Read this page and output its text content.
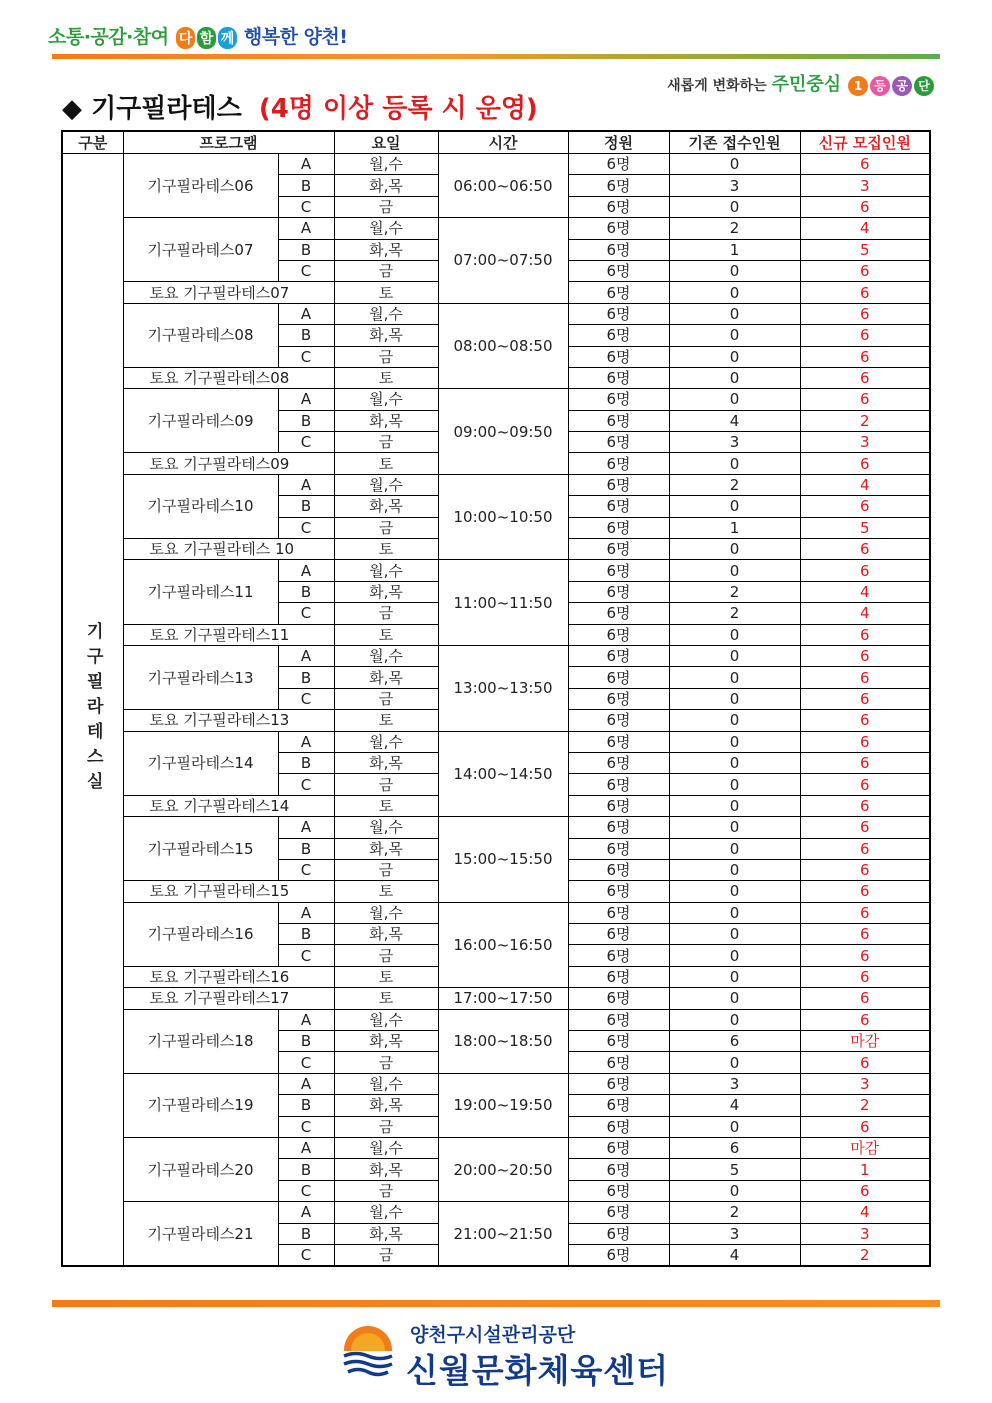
소통·공감·참여 다 함 께 행복한 양천!
새롭게 변화하는 주민중심 1 등 공 단
◆ 기구필라테스 (4명 이상 등록 시 운영)
구분	프로그램		요일	시간	정원	기존 접수인원	신규 모집인원
기구필라테스실	기구필라테스06	A	월,수	06:00~06:50	6명	0	6
		B	화,목		6명	3	3
		C	금		6명	0	6
	기구필라테스07	A	월,수	07:00~07:50	6명	2	4
		B	화,목		6명	1	5
		C	금		6명	0	6
	토요 기구필라테스07		토		6명	0	6
	기구필라테스08	A	월,수	08:00~08:50	6명	0	6
		B	화,목		6명	0	6
		C	금		6명	0	6
	토요 기구필라테스08		토		6명	0	6
	기구필라테스09	A	월,수	09:00~09:50	6명	0	6
		B	화,목		6명	4	2
		C	금		6명	3	3
	토요 기구필라테스09		토		6명	0	6
	기구필라테스10	A	월,수	10:00~10:50	6명	2	4
		B	화,목		6명	0	6
		C	금		6명	1	5
	토요 기구필라테스 10		토		6명	0	6
	기구필라테스11	A	월,수	11:00~11:50	6명	0	6
		B	화,목		6명	2	4
		C	금		6명	2	4
	토요 기구필라테스11		토		6명	0	6
	기구필라테스13	A	월,수	13:00~13:50	6명	0	6
		B	화,목		6명	0	6
		C	금		6명	0	6
	토요 기구필라테스13		토		6명	0	6
	기구필라테스14	A	월,수	14:00~14:50	6명	0	6
		B	화,목		6명	0	6
		C	금		6명	0	6
	토요 기구필라테스14		토		6명	0	6
	기구필라테스15	A	월,수	15:00~15:50	6명	0	6
		B	화,목		6명	0	6
		C	금		6명	0	6
	토요 기구필라테스15		토		6명	0	6
	기구필라테스16	A	월,수	16:00~16:50	6명	0	6
		B	화,목		6명	0	6
		C	금		6명	0	6
	토요 기구필라테스16		토		6명	0	6
	토요 기구필라테스17		토	17:00~17:50	6명	0	6
	기구필라테스18	A	월,수	18:00~18:50	6명	0	6
		B	화,목		6명	6	마감
		C	금		6명	0	6
	기구필라테스19	A	월,수	19:00~19:50	6명	3	3
		B	화,목		6명	4	2
		C	금		6명	0	6
	기구필라테스20	A	월,수	20:00~20:50	6명	6	마감
		B	화,목		6명	5	1
		C	금		6명	0	6
	기구필라테스21	A	월,수	21:00~21:50	6명	2	4
		B	화,목		6명	3	3
		C	금		6명	4	2
양천구시설관리공단
신월문화체육센터
